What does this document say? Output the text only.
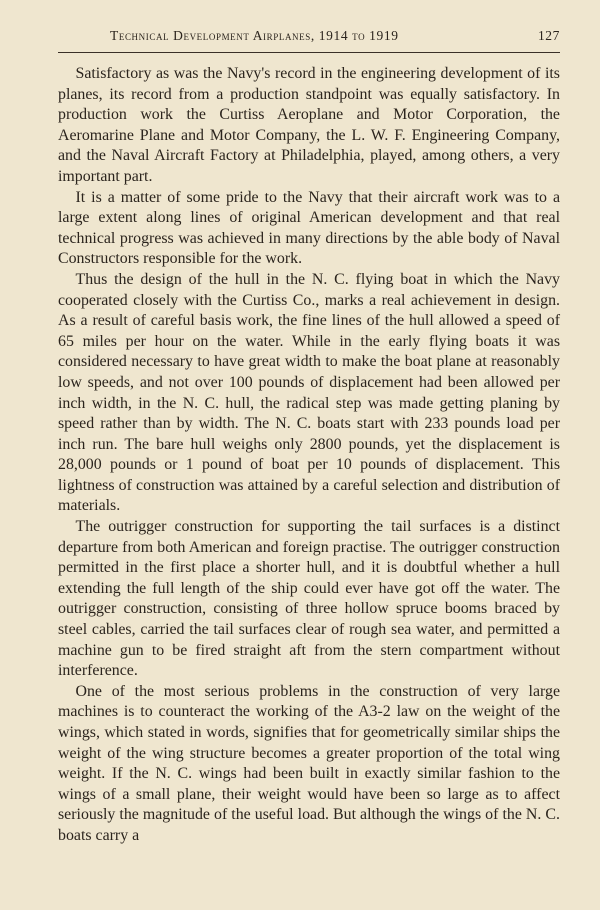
Technical Development Airplanes, 1914 to 1919	127

Satisfactory as was the Navy's record in the engineering development of its planes, its record from a production standpoint was equally satisfactory. In production work the Curtiss Aeroplane and Motor Corporation, the Aeromarine Plane and Motor Company, the L. W. F. Engineering Company, and the Naval Aircraft Factory at Philadelphia, played, among others, a very important part.

It is a matter of some pride to the Navy that their aircraft work was to a large extent along lines of original American development and that real technical progress was achieved in many directions by the able body of Naval Constructors responsible for the work.

Thus the design of the hull in the N. C. flying boat in which the Navy cooperated closely with the Curtiss Co., marks a real achievement in design. As a result of careful basis work, the fine lines of the hull allowed a speed of 65 miles per hour on the water. While in the early flying boats it was considered necessary to have great width to make the boat plane at reasonably low speeds, and not over 100 pounds of displacement had been allowed per inch width, in the N. C. hull, the radical step was made getting planing by speed rather than by width. The N. C. boats start with 233 pounds load per inch run. The bare hull weighs only 2800 pounds, yet the displacement is 28,000 pounds or 1 pound of boat per 10 pounds of displacement. This lightness of construction was attained by a careful selection and distribution of materials.

The outrigger construction for supporting the tail surfaces is a distinct departure from both American and foreign practise. The outrigger construction permitted in the first place a shorter hull, and it is doubtful whether a hull extending the full length of the ship could ever have got off the water. The outrigger construction, consisting of three hollow spruce booms braced by steel cables, carried the tail surfaces clear of rough sea water, and permitted a machine gun to be fired straight aft from the stern compartment without interference.

One of the most serious problems in the construction of very large machines is to counteract the working of the A3-2 law on the weight of the wings, which stated in words, signifies that for geometrically similar ships the weight of the wing structure becomes a greater proportion of the total wing weight. If the N. C. wings had been built in exactly similar fashion to the wings of a small plane, their weight would have been so large as to affect seriously the magnitude of the useful load. But although the wings of the N. C. boats carry a
